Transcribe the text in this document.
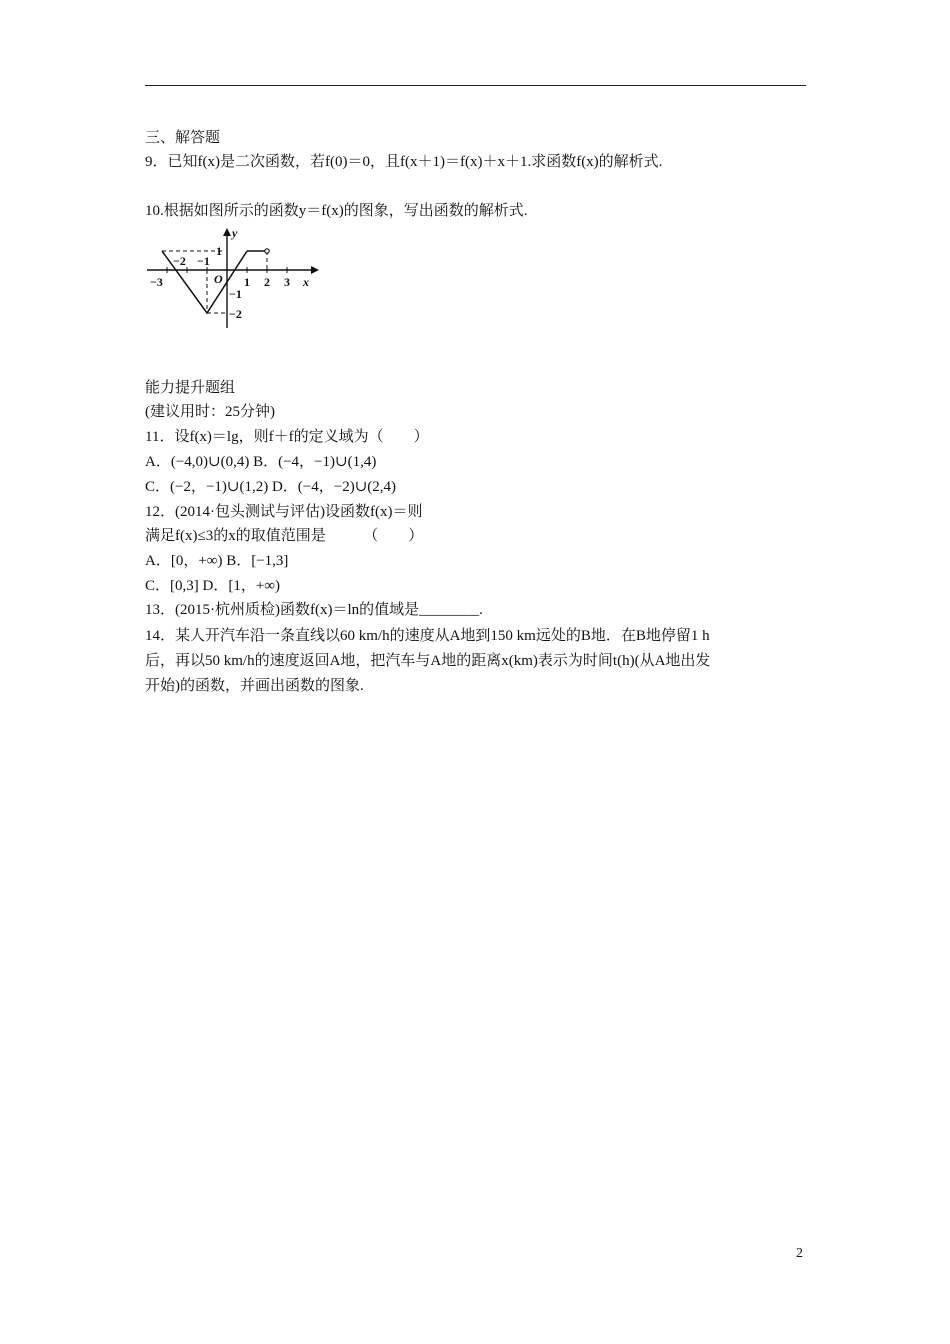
三、解答题
9．已知f(x)是二次函数，若f(0)＝0，且f(x＋1)＝f(x)＋x＋1.求函数f(x)的解析式.
10.根据如图所示的函数y＝f(x)的图象，写出函数的解析式.
y
x
O
−3
−2 −1
1 2 3
1
−1
−2
能力提升题组
(建议用时：25分钟)
11．设f(x)＝lg，则f＋f的定义域为（　　）
A．(−4,0)∪(0,4) B．(−4，−1)∪(1,4)
C．(−2，−1)∪(1,2) D．(−4，−2)∪(2,4)
12．(2014·包头测试与评估)设函数f(x)＝则
满足f(x)≤3的x的取值范围是　　　（　　）
A．[0，+∞) B．[−1,3]
C．[0,3] D．[1，+∞)
13．(2015·杭州质检)函数f(x)＝ln的值域是________.
14．某人开汽车沿一条直线以60 km/h的速度从A地到150 km远处的B地．在B地停留1 h
后，再以50 km/h的速度返回A地，把汽车与A地的距离x(km)表示为时间t(h)(从A地出发
开始)的函数，并画出函数的图象.
2
